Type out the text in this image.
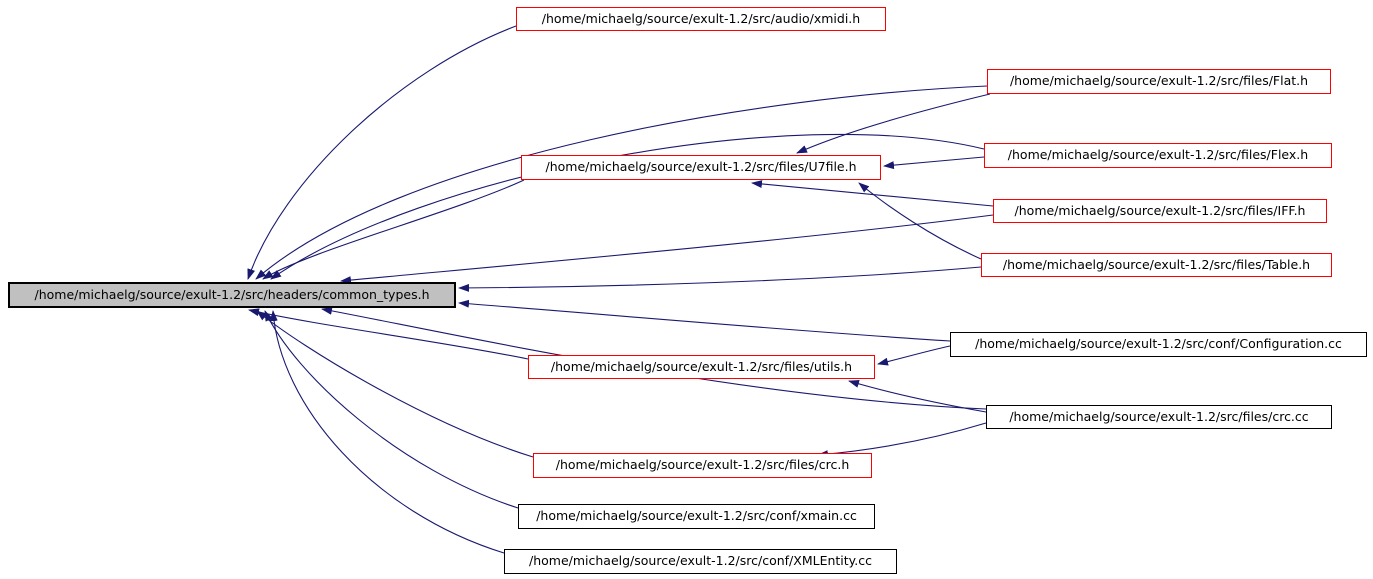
/home/michaelg/source/exult-1.2/src/audio/xmidi.h
/home/michaelg/source/exult-1.2/src/files/Flat.h
/home/michaelg/source/exult-1.2/src/files/U7file.h
/home/michaelg/source/exult-1.2/src/files/Flex.h
/home/michaelg/source/exult-1.2/src/files/IFF.h
/home/michaelg/source/exult-1.2/src/files/Table.h
/home/michaelg/source/exult-1.2/src/headers/common_types.h
/home/michaelg/source/exult-1.2/src/conf/Configuration.cc
/home/michaelg/source/exult-1.2/src/files/utils.h
/home/michaelg/source/exult-1.2/src/files/crc.cc
/home/michaelg/source/exult-1.2/src/files/crc.h
/home/michaelg/source/exult-1.2/src/conf/xmain.cc
/home/michaelg/source/exult-1.2/src/conf/XMLEntity.cc
